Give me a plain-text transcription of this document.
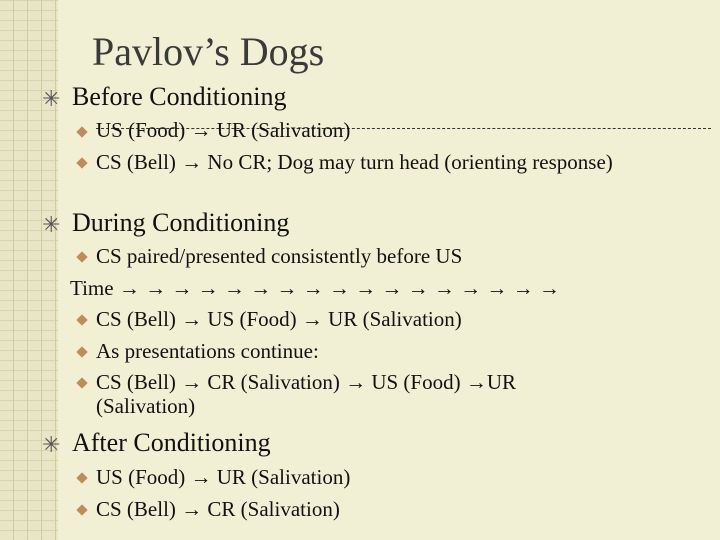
Pavlov’s Dogs
✳ Before Conditioning
US (Food) → UR (Salivation)
CS (Bell) → No CR; Dog may turn head (orienting response)
✳ During Conditioning
CS paired/presented consistently before US
Time → → → → → → → → → → → → → → → → →
CS (Bell) → US (Food) → UR (Salivation)
As presentations continue:
CS (Bell) → CR (Salivation) → US (Food) →UR (Salivation)
✳ After Conditioning
US (Food) → UR (Salivation)
CS (Bell) → CR (Salivation)
